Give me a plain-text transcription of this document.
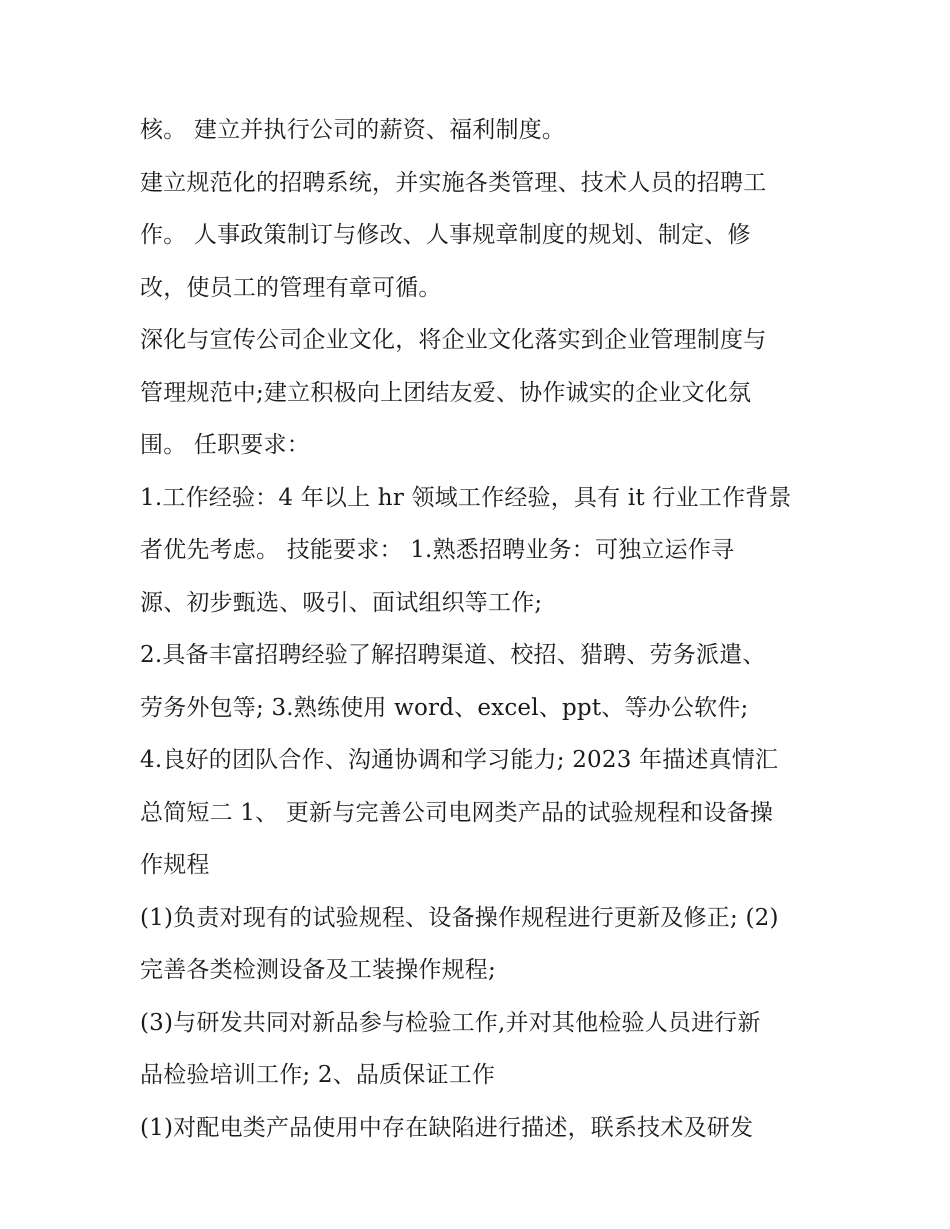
核。 建立并执行公司的薪资、福利制度。
建立规范化的招聘系统，并实施各类管理、技术人员的招聘工
作。 人事政策制订与修改、人事规章制度的规划、制定、修
改，使员工的管理有章可循。
深化与宣传公司企业文化，将企业文化落实到企业管理制度与
管理规范中;建立积极向上团结友爱、协作诚实的企业文化氛
围。 任职要求：
1.工作经验：4 年以上 hr 领域工作经验，具有 it 行业工作背景
者优先考虑。 技能要求： 1.熟悉招聘业务：可独立运作寻
源、初步甄选、吸引、面试组织等工作;
2.具备丰富招聘经验了解招聘渠道、校招、猎聘、劳务派遣、
劳务外包等; 3.熟练使用 word、excel、ppt、等办公软件;
4.良好的团队合作、沟通协调和学习能力; 2023 年描述真情汇
总简短二 1、 更新与完善公司电网类产品的试验规程和设备操
作规程
(1)负责对现有的试验规程、设备操作规程进行更新及修正; (2)
完善各类检测设备及工装操作规程;
(3)与研发共同对新品参与检验工作,并对其他检验人员进行新
品检验培训工作; 2、品质保证工作
(1)对配电类产品使用中存在缺陷进行描述，联系技术及研发
